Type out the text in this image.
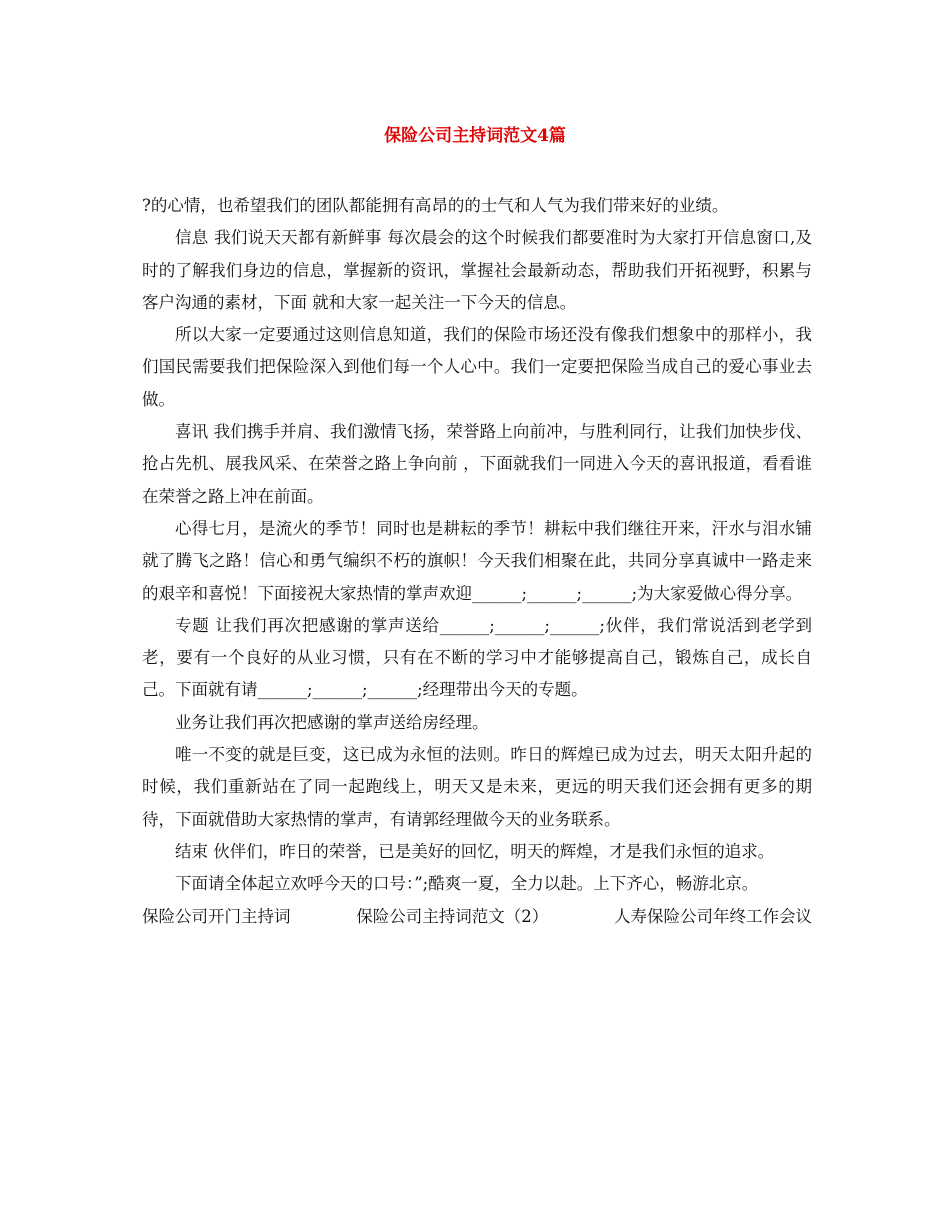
保险公司主持词范文4篇

?的心情，也希望我们的团队都能拥有高昂的的士气和人气为我们带来好的业绩。

信息 我们说天天都有新鲜事 每次晨会的这个时候我们都要准时为大家打开信息窗口,及时的了解我们身边的信息，掌握新的资讯，掌握社会最新动态，帮助我们开拓视野，积累与客户沟通的素材，下面 就和大家一起关注一下今天的信息。

所以大家一定要通过这则信息知道，我们的保险市场还没有像我们想象中的那样小，我们国民需要我们把保险深入到他们每一个人心中。我们一定要把保险当成自己的爱心事业去做。

喜讯 我们携手并肩、我们激情飞扬，荣誉路上向前冲，与胜利同行，让我们加快步伐、抢占先机、展我风采、在荣誉之路上争向前 ，下面就我们一同进入今天的喜讯报道，看看谁在荣誉之路上冲在前面。

心得七月，是流火的季节！同时也是耕耘的季节！耕耘中我们继往开来，汗水与泪水铺就了腾飞之路！信心和勇气编织不朽的旗帜！今天我们相聚在此，共同分享真诚中一路走来的艰辛和喜悦！下面接祝大家热情的掌声欢迎______;______;______;为大家爱做心得分享。

专题 让我们再次把感谢的掌声送给______;______;______;伙伴，我们常说活到老学到老，要有一个良好的从业习惯，只有在不断的学习中才能够提高自己，锻炼自己，成长自己。下面就有请______;______;______;经理带出今天的专题。

业务让我们再次把感谢的掌声送给房经理。

唯一不变的就是巨变，这已成为永恒的法则。昨日的辉煌已成为过去，明天太阳升起的时候，我们重新站在了同一起跑线上，明天又是未来，更远的明天我们还会拥有更多的期待，下面就借助大家热情的掌声，有请郭经理做今天的业务联系。

结束 伙伴们，昨日的荣誉，已是美好的回忆，明天的辉煌，才是我们永恒的追求。

下面请全体起立欢呼今天的口号：”;酷爽一夏，全力以赴。上下齐心，畅游北京。

保险公司开门主持词	保险公司主持词范文（2）	人寿保险公司年终工作会议
